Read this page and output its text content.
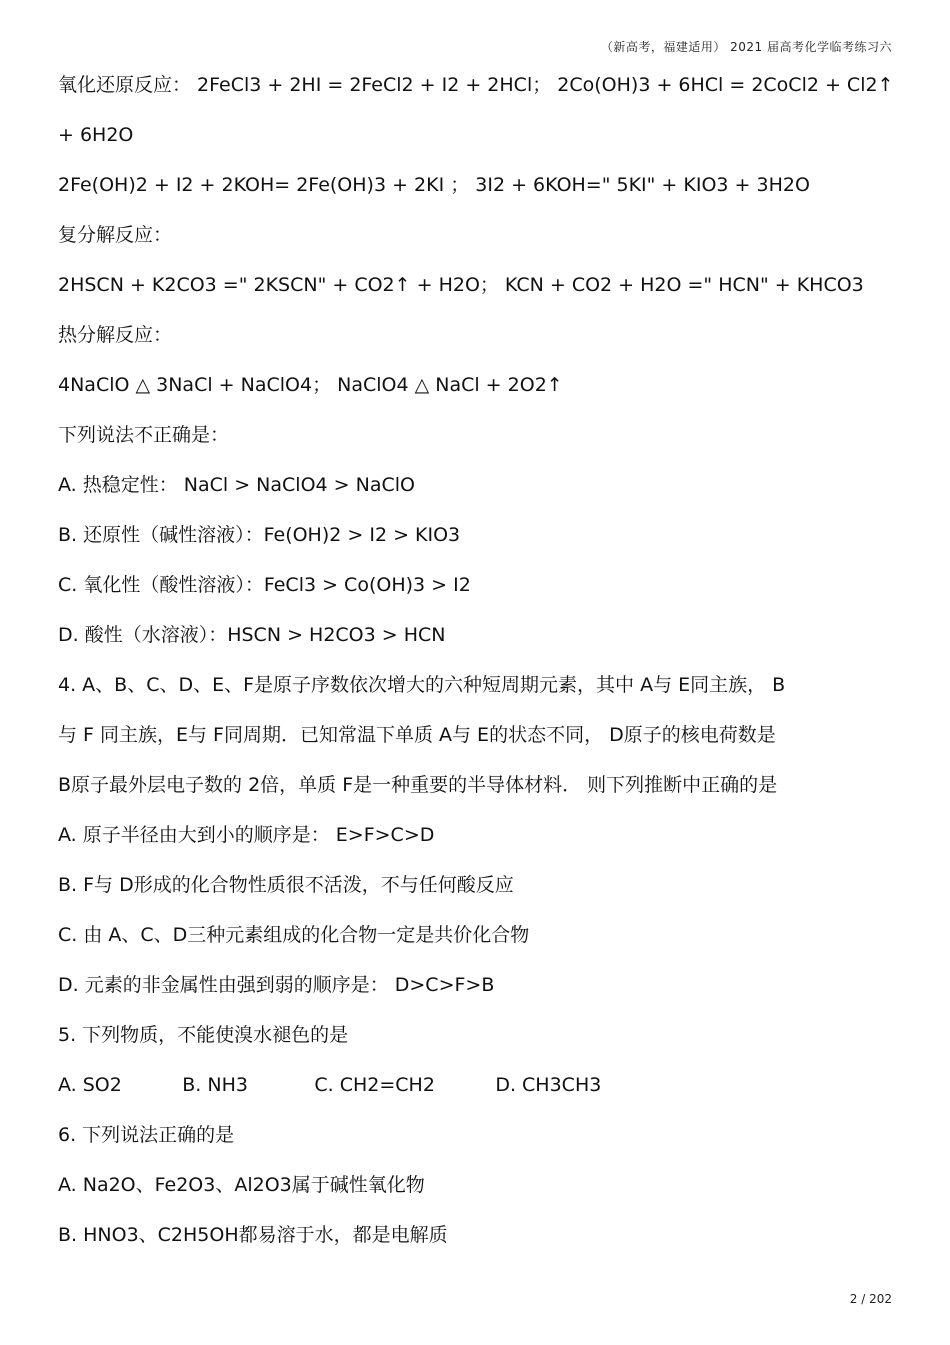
（新高考，福建适用） 2021 届高考化学临考练习六
氧化还原反应： 2FeCl3 + 2HI = 2FeCl2 + I2 + 2HCl； 2Co(OH)3 + 6HCl = 2CoCl2 + Cl2↑
+ 6H2O
2Fe(OH)2 + I2 + 2KOH= 2Fe(OH)3 + 2KI ； 3I2 + 6KOH=" 5KI" + KIO3 + 3H2O
复分解反应：
2HSCN + K2CO3 =" 2KSCN" + CO2↑ + H2O； KCN + CO2 + H2O =" HCN" + KHCO3
热分解反应：
4NaClO △ 3NaCl + NaClO4； NaClO4 △ NaCl + 2O2↑
下列说法不正确是：
A. 热稳定性： NaCl > NaClO4 > NaClO
B. 还原性（碱性溶液）：Fe(OH)2 > I2 > KIO3
C. 氧化性（酸性溶液）：FeCl3 > Co(OH)3 > I2
D. 酸性（水溶液）：HSCN > H2CO3 > HCN
4. A、B、C、D、E、F是原子序数依次增大的六种短周期元素，其中 A与 E同主族， B
与 F 同主族，E与 F同周期．已知常温下单质 A与 E的状态不同， D原子的核电荷数是
B原子最外层电子数的 2倍，单质 F是一种重要的半导体材料． 则下列推断中正确的是
A. 原子半径由大到小的顺序是： E>F>C>D
B. F与 D形成的化合物性质很不活泼，不与任何酸反应
C. 由 A、C、D三种元素组成的化合物一定是共价化合物
D. 元素的非金属性由强到弱的顺序是： D>C>F>B
5. 下列物质，不能使溴水褪色的是
A. SO2          B. NH3           C. CH2=CH2          D. CH3CH3
6. 下列说法正确的是
A. Na2O、Fe2O3、Al2O3属于碱性氧化物
B. HNO3、C2H5OH都易溶于水，都是电解质
2 / 202
